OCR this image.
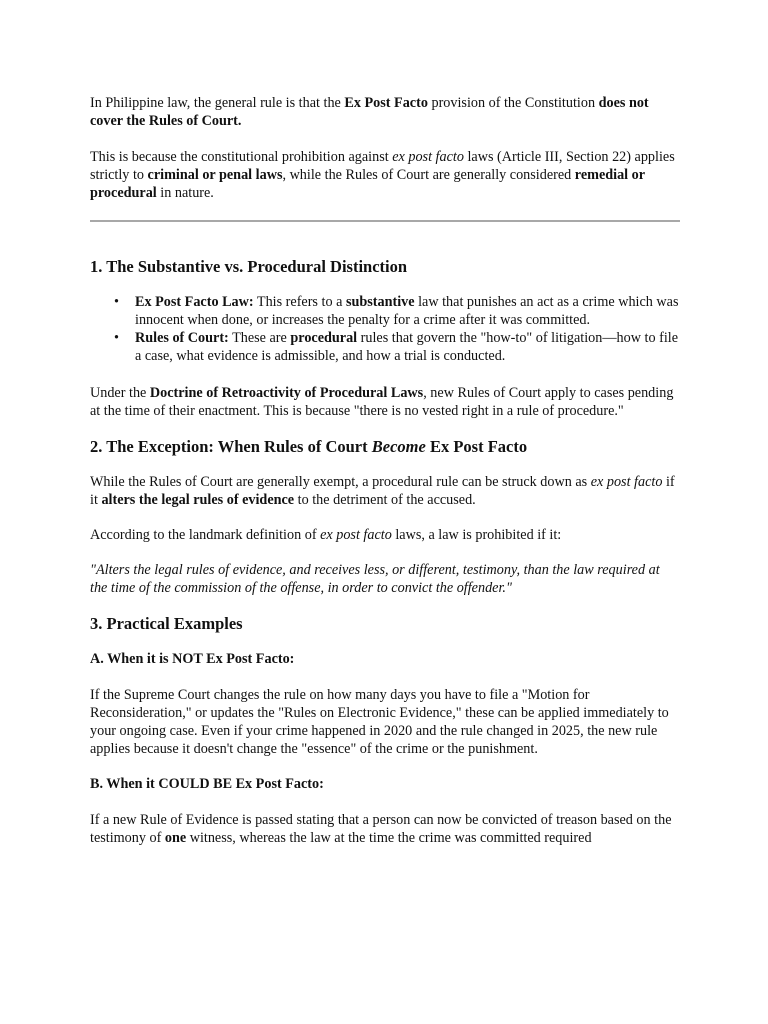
In Philippine law, the general rule is that the Ex Post Facto provision of the Constitution does not cover the Rules of Court.

This is because the constitutional prohibition against ex post facto laws (Article III, Section 22) applies strictly to criminal or penal laws, while the Rules of Court are generally considered remedial or procedural in nature.

1. The Substantive vs. Procedural Distinction
• Ex Post Facto Law: This refers to a substantive law that punishes an act as a crime which was innocent when done, or increases the penalty for a crime after it was committed.
• Rules of Court: These are procedural rules that govern the "how-to" of litigation—how to file a case, what evidence is admissible, and how a trial is conducted.

Under the Doctrine of Retroactivity of Procedural Laws, new Rules of Court apply to cases pending at the time of their enactment. This is because "there is no vested right in a rule of procedure."

2. The Exception: When Rules of Court Become Ex Post Facto

While the Rules of Court are generally exempt, a procedural rule can be struck down as ex post facto if it alters the legal rules of evidence to the detriment of the accused.

According to the landmark definition of ex post facto laws, a law is prohibited if it:

"Alters the legal rules of evidence, and receives less, or different, testimony, than the law required at the time of the commission of the offense, in order to convict the offender."

3. Practical Examples
A. When it is NOT Ex Post Facto:

If the Supreme Court changes the rule on how many days you have to file a "Motion for Reconsideration," or updates the "Rules on Electronic Evidence," these can be applied immediately to your ongoing case. Even if your crime happened in 2020 and the rule changed in 2025, the new rule applies because it doesn't change the "essence" of the crime or the punishment.

B. When it COULD BE Ex Post Facto:

If a new Rule of Evidence is passed stating that a person can now be convicted of treason based on the testimony of one witness, whereas the law at the time the crime was committed required
